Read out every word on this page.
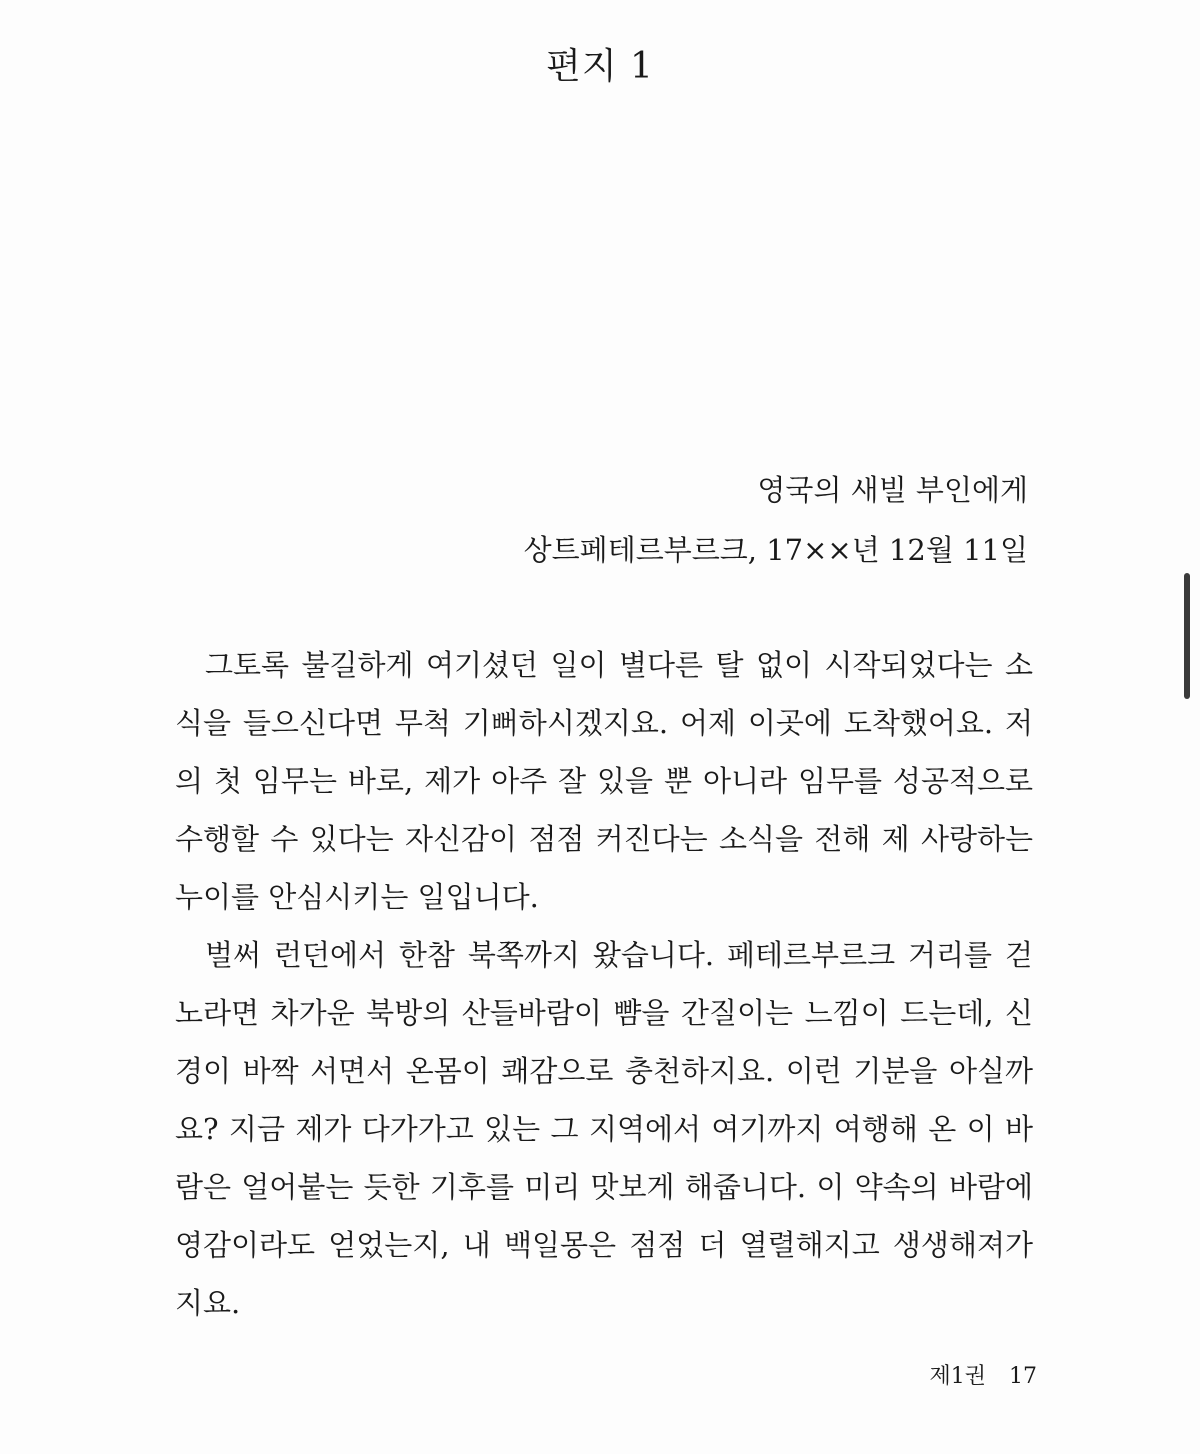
편지 1
영국의 새빌 부인에게
상트페테르부르크, 17××년 12월 11일

그토록 불길하게 여기셨던 일이 별다른 탈 없이 시작되었다는 소식을 들으신다면 무척 기뻐하시겠지요. 어제 이곳에 도착했어요. 저의 첫 임무는 바로, 제가 아주 잘 있을 뿐 아니라 임무를 성공적으로 수행할 수 있다는 자신감이 점점 커진다는 소식을 전해 제 사랑하는 누이를 안심시키는 일입니다.

벌써 런던에서 한참 북쪽까지 왔습니다. 페테르부르크 거리를 걷노라면 차가운 북방의 산들바람이 뺨을 간질이는 느낌이 드는데, 신경이 바짝 서면서 온몸이 쾌감으로 충천하지요. 이런 기분을 아실까요? 지금 제가 다가가고 있는 그 지역에서 여기까지 여행해 온 이 바람은 얼어붙는 듯한 기후를 미리 맛보게 해줍니다. 이 약속의 바람에 영감이라도 얻었는지, 내 백일몽은 점점 더 열렬해지고 생생해져가지요.

제1권 17
